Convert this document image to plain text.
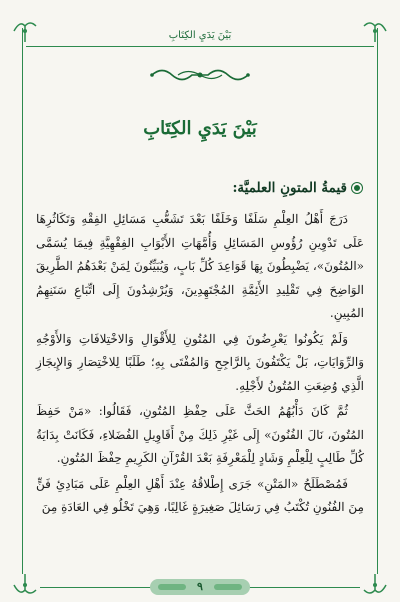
بَيْنَ يَدَيِ الكِتَابِ
بَيْنَ يَدَيِ الكِتَابِ
قيمةُ المتونِ العلميَّة:

دَرَجَ أَهْلُ العِلْمِ سَلَفًا وَخَلَفًا بَعْدَ تَشَعُّبِ مَسَائِلِ الفِقْهِ وَتَكَاثُرِهَا عَلَى تَدْوِينِ رُؤُوسِ المَسَائِلِ وَأُمَّهَاتِ الأَبْوَابِ الفِقْهِيَّةِ فِيمَا يُسَمَّى «المُتُونَ»، يَضْبِطُونَ بِهَا قَوَاعِدَ كُلِّ بَابٍ، وَيُبَيِّنُونَ لِمَنْ بَعْدَهُمُ الطَّرِيقَ الوَاضِحَ فِي تَقْلِيدِ الأَئِمَّةِ المُجْتَهِدِينَ، وَيُرْشِدُونَ إِلَى اتِّبَاعِ سَنَنِهِمُ المُبِينِ.

وَلَمْ يَكُونُوا يَعْرِضُونَ فِي المُتُونِ لِلأَقْوَالِ وَالاخْتِلافَاتِ وَالأَوْجُهِ وَالرِّوَايَاتِ، بَلْ يَكْتَفُونَ بِالرَّاجِحِ وَالمُفْتَى بِهِ؛ طَلَبًا لِلاخْتِصَارِ وَالإِيجَازِ الَّذِي وُضِعَتِ المُتُونُ لأَجْلِهِ.

ثُمَّ كَانَ دَأْبُهُمُ الحَثَّ عَلَى حِفْظِ المُتُونِ، فَقَالُوا: «مَنْ حَفِظَ المُتُونَ، نَالَ الفُنُونَ» إِلَى غَيْرِ ذَلِكَ مِنْ أَقَاوِيلِ الفُضَلاءِ، فَكَانَتْ بِدَايَةُ كُلِّ طَالِبٍ لِلْعِلْمِ وَشَادٍ لِلْمَعْرِفَةِ بَعْدَ القُرْآنِ الكَرِيمِ حِفْظَ المُتُونِ.

فَمُصْطَلَحُ «المَتْنِ» جَرَى إِطْلاقُهُ عِنْدَ أَهْلِ العِلْمِ عَلَى مَبَادِئِ فَنٍّ مِنَ الفُنُونِ تُكْتَبُ فِي رَسَائِلَ صَغِيرَةٍ غَالِبًا، وَهِيَ تَخْلُو فِي العَادَةِ مِنَ

٩
